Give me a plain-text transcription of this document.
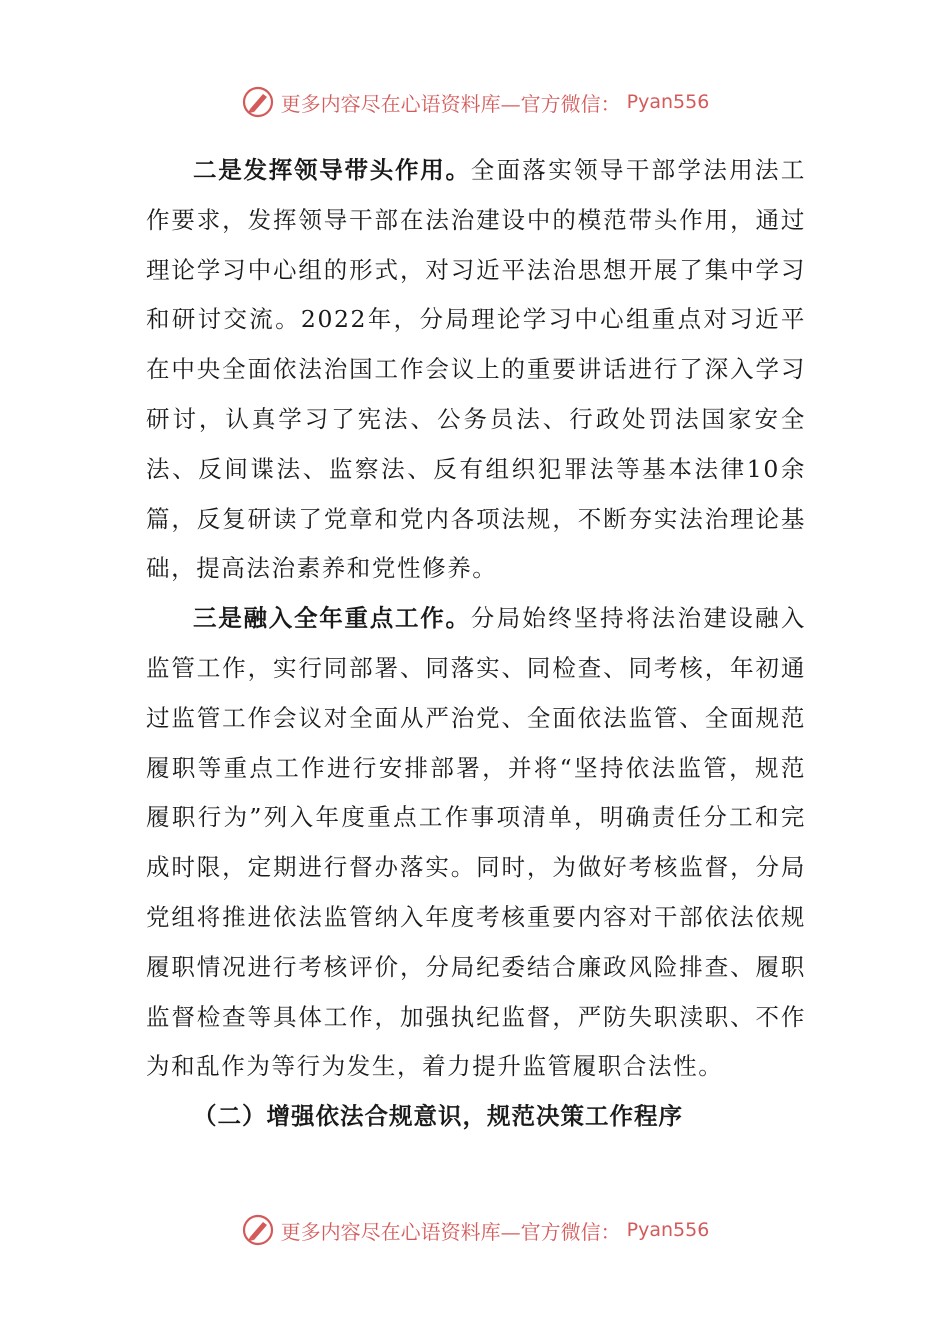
更多内容尽在心语资料库—官方微信： Pyan556

二是发挥领导带头作用。全面落实领导干部学法用法工作要求，发挥领导干部在法治建设中的模范带头作用，通过理论学习中心组的形式，对习近平法治思想开展了集中学习和研讨交流。2022年，分局理论学习中心组重点对习近平在中央全面依法治国工作会议上的重要讲话进行了深入学习研讨，认真学习了宪法、公务员法、行政处罚法国家安全法、反间谍法、监察法、反有组织犯罪法等基本法律10余篇，反复研读了党章和党内各项法规，不断夯实法治理论基础，提高法治素养和党性修养。

三是融入全年重点工作。分局始终坚持将法治建设融入监管工作，实行同部署、同落实、同检查、同考核，年初通过监管工作会议对全面从严治党、全面依法监管、全面规范履职等重点工作进行安排部署，并将“坚持依法监管，规范履职行为”列入年度重点工作事项清单，明确责任分工和完成时限，定期进行督办落实。同时，为做好考核监督，分局党组将推进依法监管纳入年度考核重要内容对干部依法依规履职情况进行考核评价，分局纪委结合廉政风险排查、履职监督检查等具体工作，加强执纪监督，严防失职渎职、不作为和乱作为等行为发生，着力提升监管履职合法性。

（二）增强依法合规意识，规范决策工作程序

更多内容尽在心语资料库—官方微信： Pyan556
